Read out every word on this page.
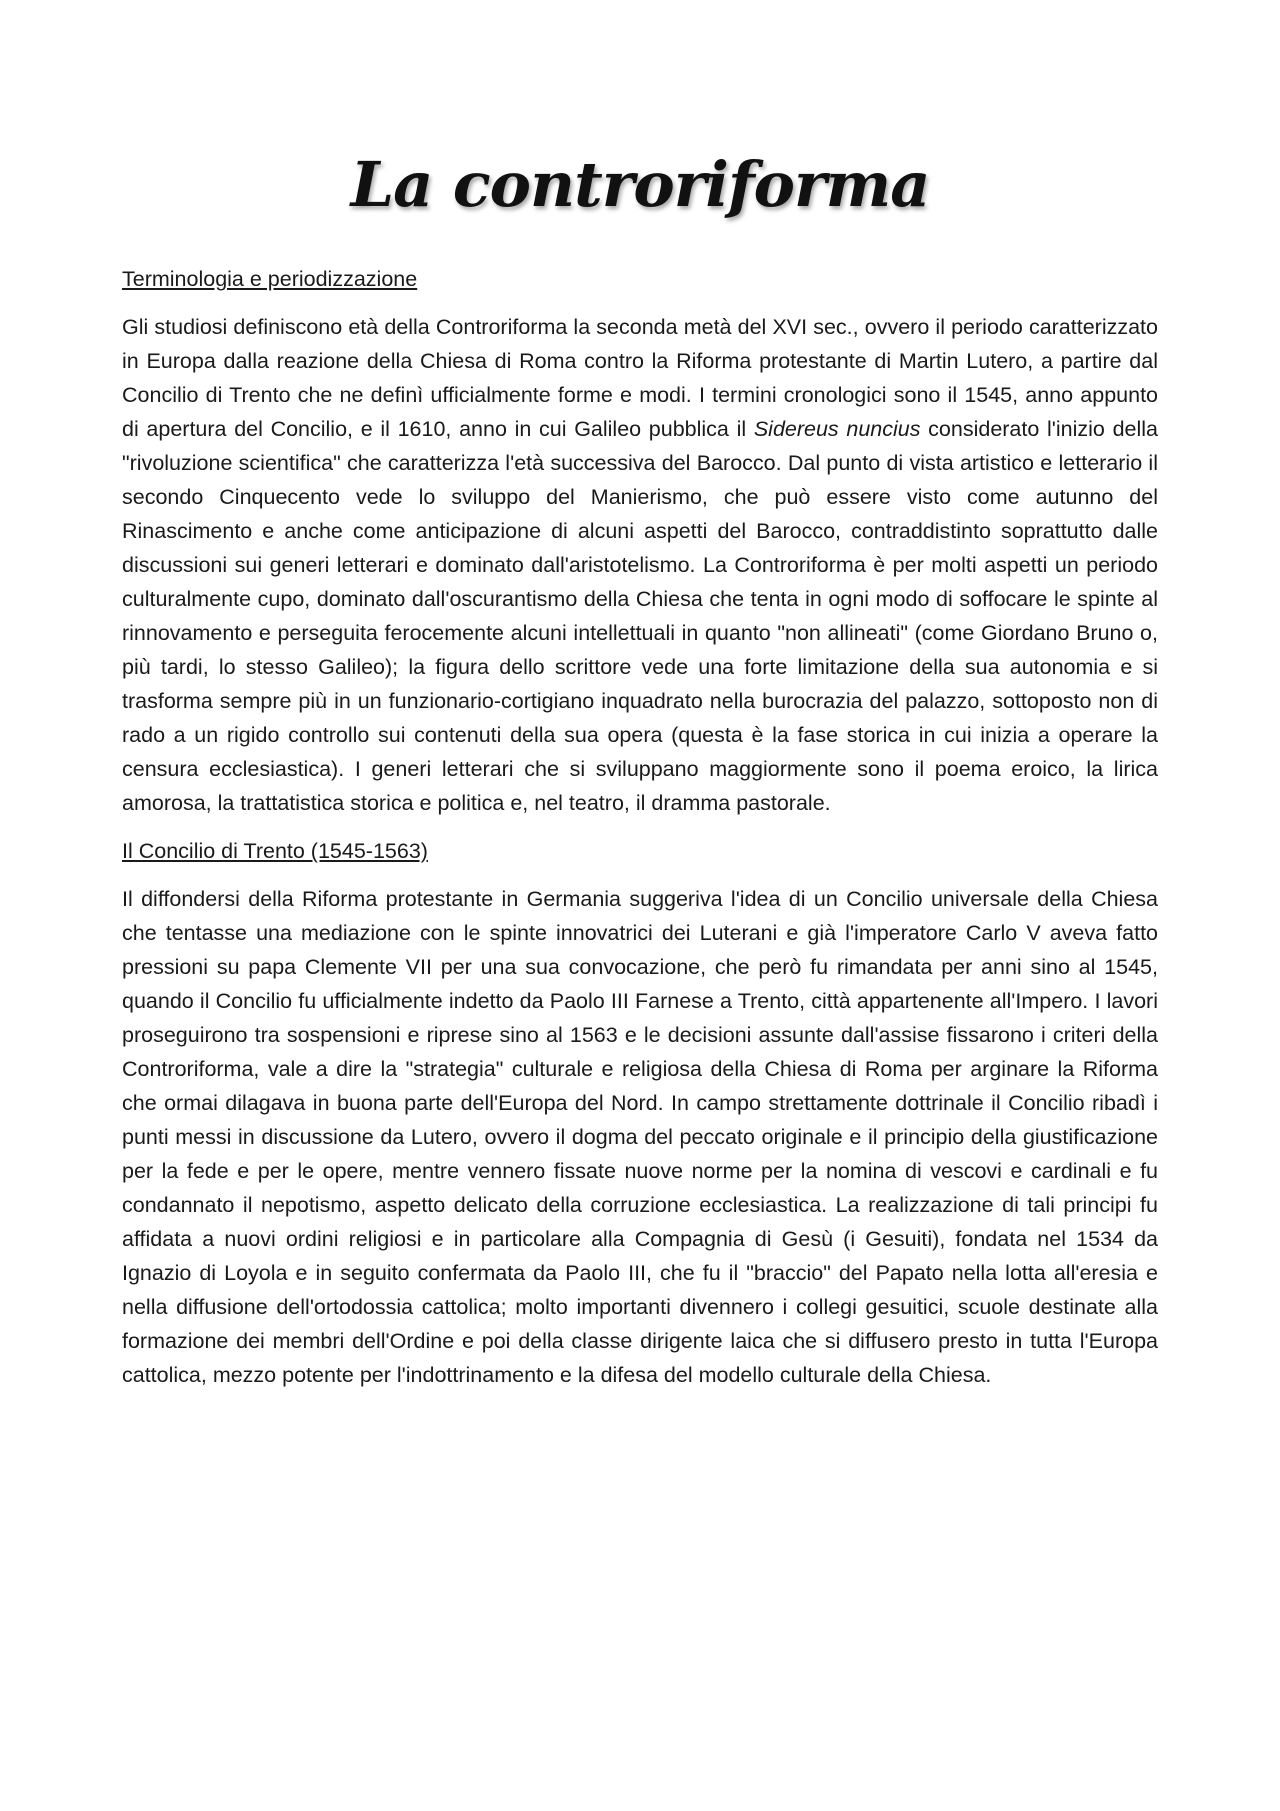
La controriforma
Terminologia e periodizzazione

Gli studiosi definiscono età della Controriforma la seconda metà del XVI sec., ovvero il periodo caratterizzato in Europa dalla reazione della Chiesa di Roma contro la Riforma protestante di Martin Lutero, a partire dal Concilio di Trento che ne definì ufficialmente forme e modi. I termini cronologici sono il 1545, anno appunto di apertura del Concilio, e il 1610, anno in cui Galileo pubblica il Sidereus nuncius considerato l'inizio della "rivoluzione scientifica" che caratterizza l'età successiva del Barocco. Dal punto di vista artistico e letterario il secondo Cinquecento vede lo sviluppo del Manierismo, che può essere visto come autunno del Rinascimento e anche come anticipazione di alcuni aspetti del Barocco, contraddistinto soprattutto dalle discussioni sui generi letterari e dominato dall'aristotelismo. La Controriforma è per molti aspetti un periodo culturalmente cupo, dominato dall'oscurantismo della Chiesa che tenta in ogni modo di soffocare le spinte al rinnovamento e perseguita ferocemente alcuni intellettuali in quanto "non allineati" (come Giordano Bruno o, più tardi, lo stesso Galileo); la figura dello scrittore vede una forte limitazione della sua autonomia e si trasforma sempre più in un funzionario-cortigiano inquadrato nella burocrazia del palazzo, sottoposto non di rado a un rigido controllo sui contenuti della sua opera (questa è la fase storica in cui inizia a operare la censura ecclesiastica). I generi letterari che si sviluppano maggiormente sono il poema eroico, la lirica amorosa, la trattatistica storica e politica e, nel teatro, il dramma pastorale.

Il Concilio di Trento (1545-1563)

Il diffondersi della Riforma protestante in Germania suggeriva l'idea di un Concilio universale della Chiesa che tentasse una mediazione con le spinte innovatrici dei Luterani e già l'imperatore Carlo V aveva fatto pressioni su papa Clemente VII per una sua convocazione, che però fu rimandata per anni sino al 1545, quando il Concilio fu ufficialmente indetto da Paolo III Farnese a Trento, città appartenente all'Impero. I lavori proseguirono tra sospensioni e riprese sino al 1563 e le decisioni assunte dall'assise fissarono i criteri della Controriforma, vale a dire la "strategia" culturale e religiosa della Chiesa di Roma per arginare la Riforma che ormai dilagava in buona parte dell'Europa del Nord. In campo strettamente dottrinale il Concilio ribadì i punti messi in discussione da Lutero, ovvero il dogma del peccato originale e il principio della giustificazione per la fede e per le opere, mentre vennero fissate nuove norme per la nomina di vescovi e cardinali e fu condannato il nepotismo, aspetto delicato della corruzione ecclesiastica. La realizzazione di tali principi fu affidata a nuovi ordini religiosi e in particolare alla Compagnia di Gesù (i Gesuiti), fondata nel 1534 da Ignazio di Loyola e in seguito confermata da Paolo III, che fu il "braccio" del Papato nella lotta all'eresia e nella diffusione dell'ortodossia cattolica; molto importanti divennero i collegi gesuitici, scuole destinate alla formazione dei membri dell'Ordine e poi della classe dirigente laica che si diffusero presto in tutta l'Europa cattolica, mezzo potente per l'indottrinamento e la difesa del modello culturale della Chiesa.
